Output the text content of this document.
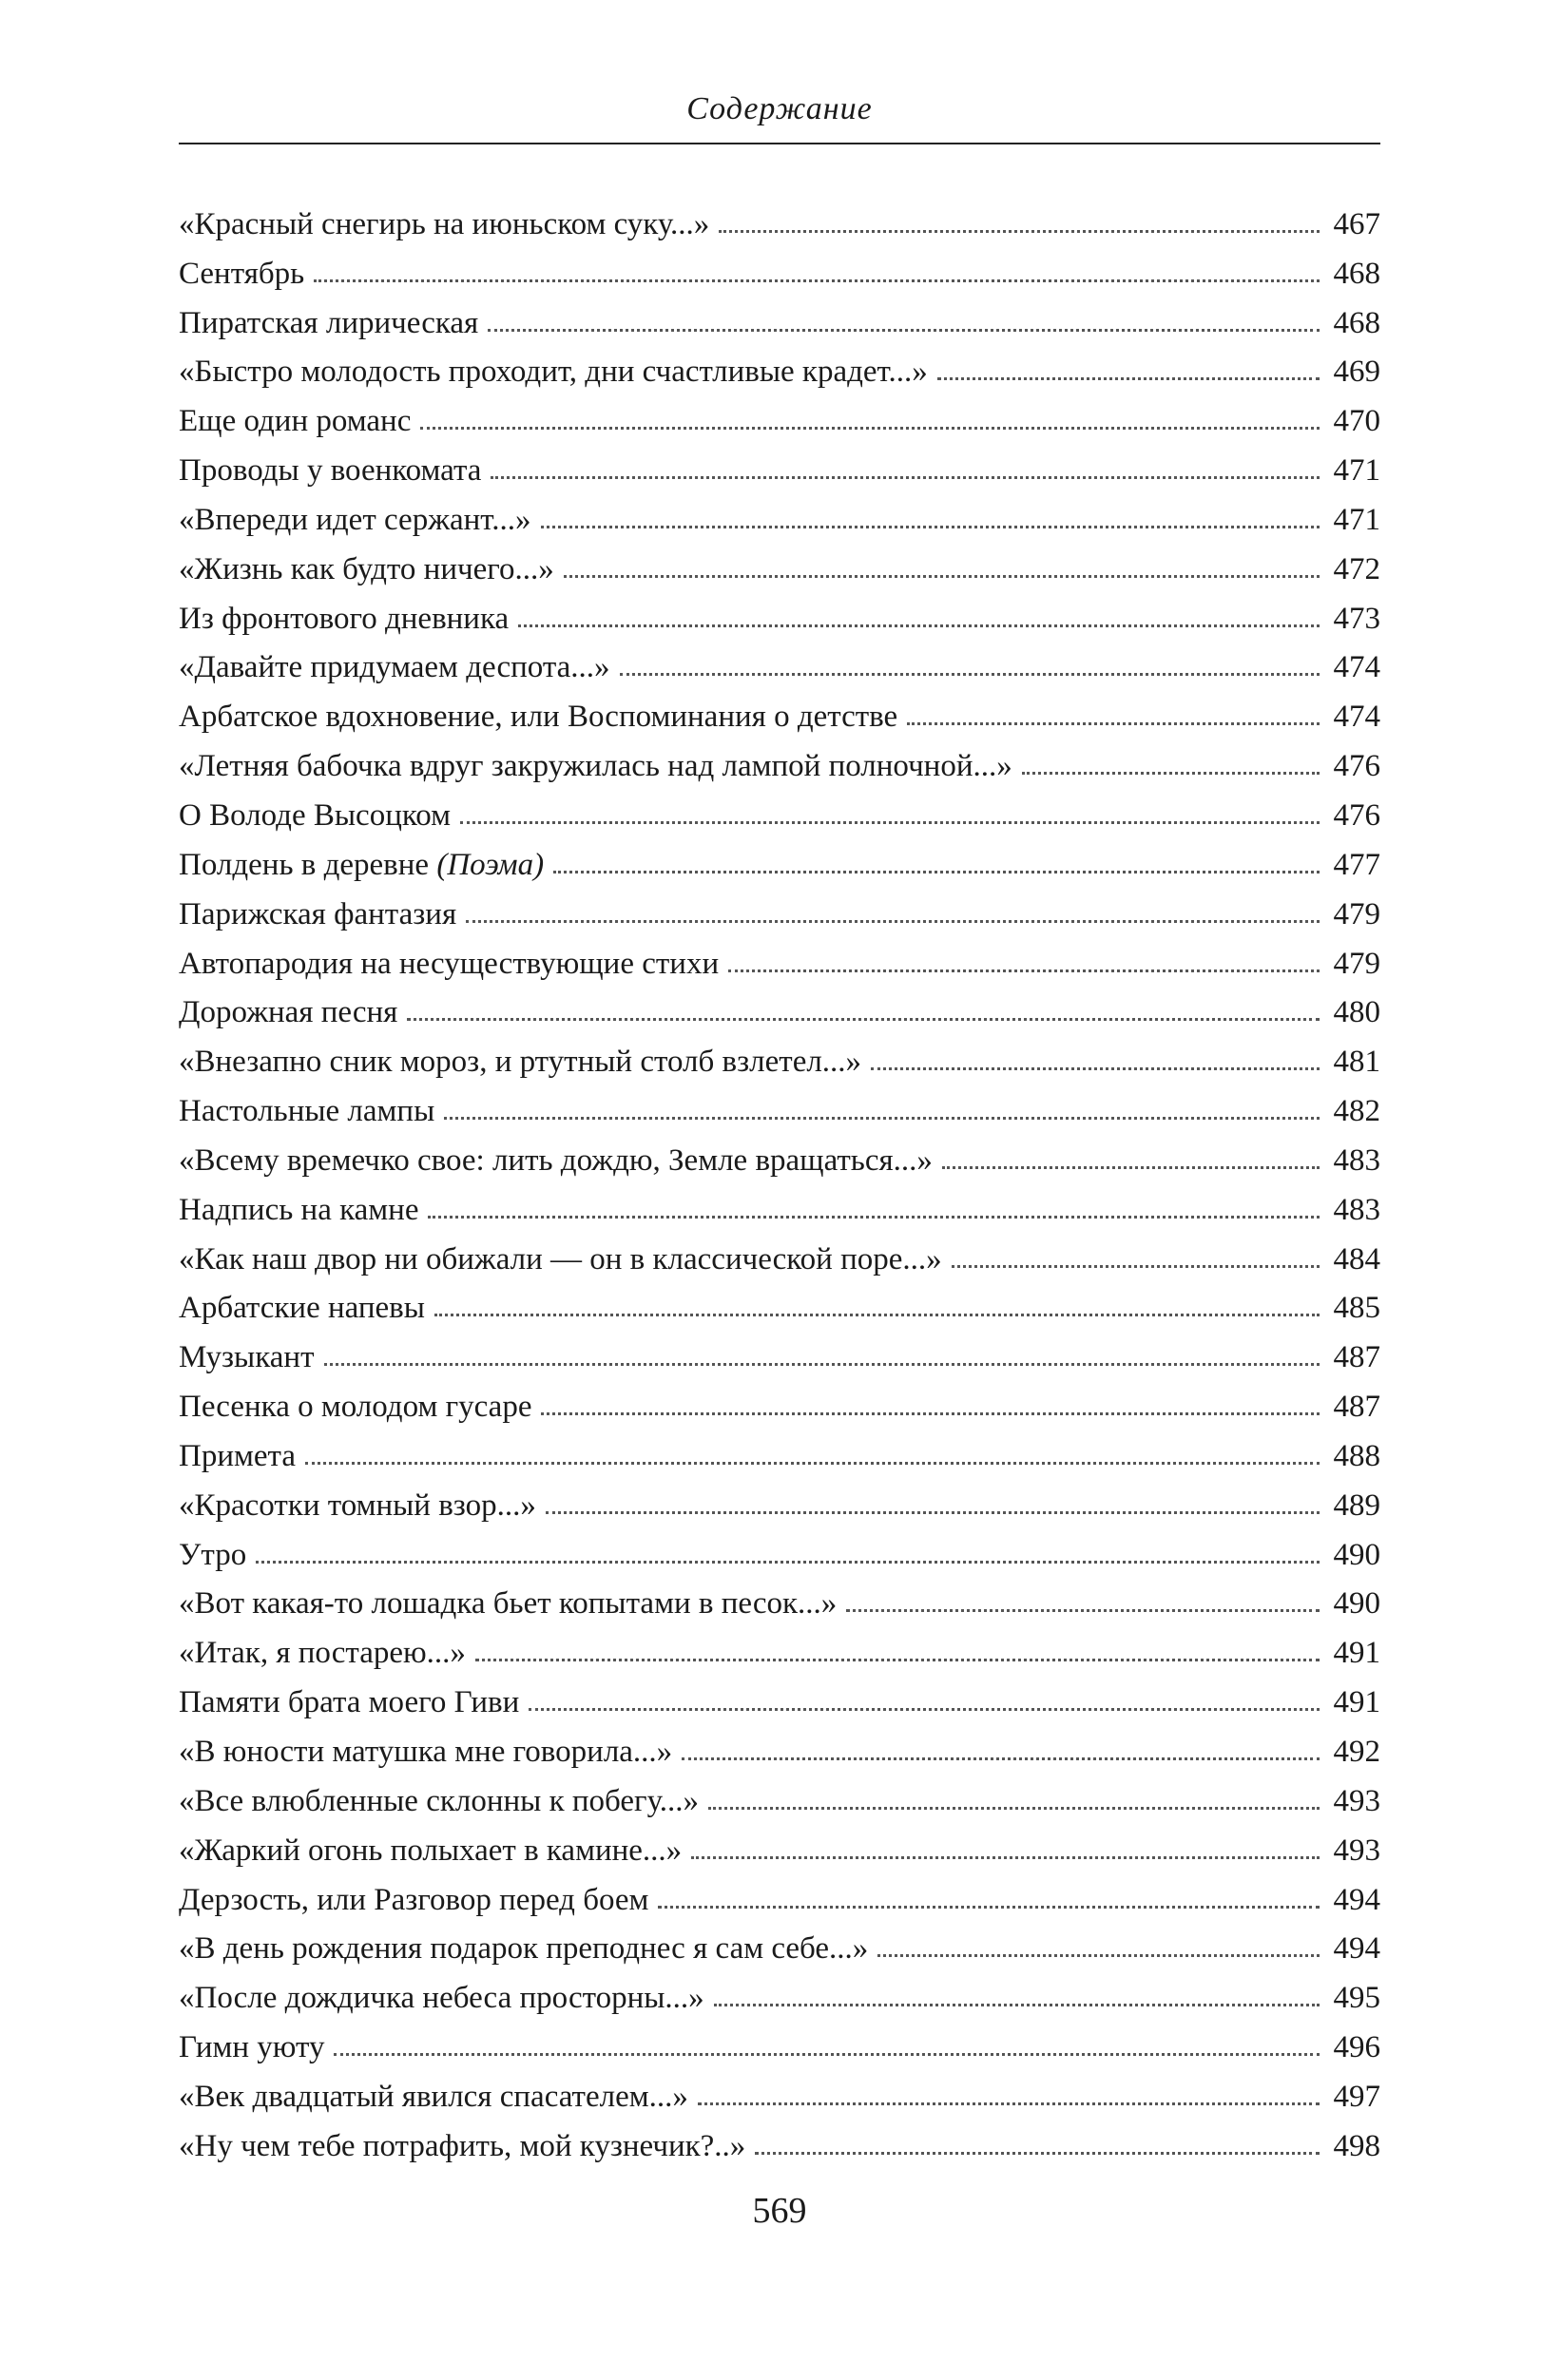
Содержание
«Красный снегирь на июньском суку...»	467
Сентябрь	468
Пиратская лирическая	468
«Быстро молодость проходит, дни счастливые крадет...»	469
Еще один романс	470
Проводы у военкомата	471
«Впереди идет сержант...»	471
«Жизнь как будто ничего...»	472
Из фронтового дневника	473
«Давайте придумаем деспота...»	474
Арбатское вдохновение, или Воспоминания о детстве	474
«Летняя бабочка вдруг закружилась над лампой полночной...»	476
О Володе Высоцком	476
Полдень в деревне (Поэма)	477
Парижская фантазия	479
Автопародия на несуществующие стихи	479
Дорожная песня	480
«Внезапно сник мороз, и ртутный столб взлетел...»	481
Настольные лампы	482
«Всему времечко свое: лить дождю, Земле вращаться...»	483
Надпись на камне	483
«Как наш двор ни обижали — он в классической поре...»	484
Арбатские напевы	485
Музыкант	487
Песенка о молодом гусаре	487
Примета	488
«Красотки томный взор...»	489
Утро	490
«Вот какая-то лошадка бьет копытами в песок...»	490
«Итак, я постарею...»	491
Памяти брата моего Гиви	491
«В юности матушка мне говорила...»	492
«Все влюбленные склонны к побегу...»	493
«Жаркий огонь полыхает в камине...»	493
Дерзость, или Разговор перед боем	494
«В день рождения подарок преподнес я сам себе...»	494
«После дождичка небеса просторны...»	495
Гимн уюту	496
«Век двадцатый явился спасателем...»	497
«Ну чем тебе потрафить, мой кузнечик?..»	498
569
